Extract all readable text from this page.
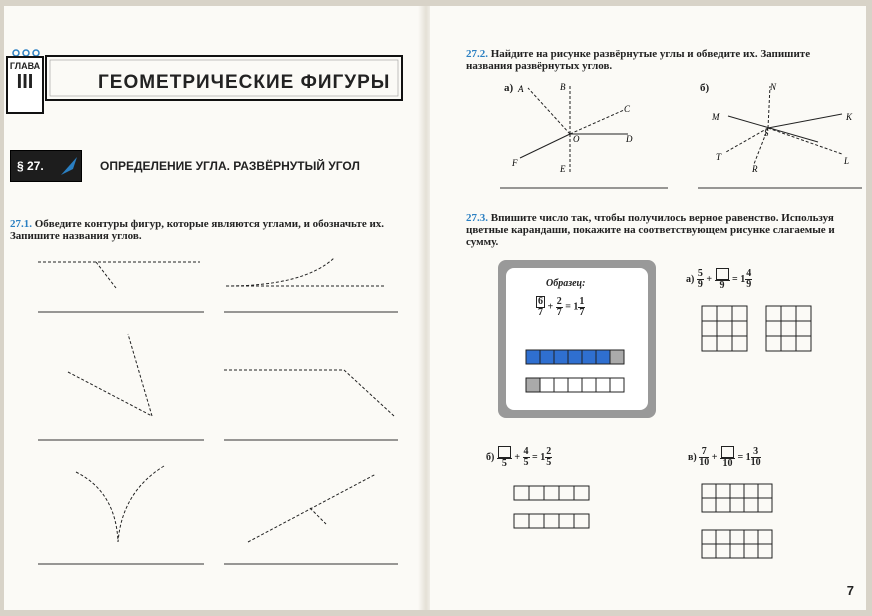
ГЛАВА
III	ГЕОМЕТРИЧЕСКИЕ ФИГУРЫ
§ 27.	ОПРЕДЕЛЕНИЕ УГЛА. РАЗВЁРНУТЫЙ УГОЛ
27.1. Обведите контуры фигур, которые являются углами, и обозначьте их. Запишите названия углов.
27.2. Найдите на рисунке развёрнутые углы и обведите их. Запишите названия развёрнутых углов.
а) A	B
C
O	D
F
E
б)	N
M	K
S
T
R
L
27.3. Впишите число так, чтобы получилось верное равенство. Используя цветные карандаши, покажите на соответствующем рисунке слагаемые и сумму.
Образец:
$\frac{6}{7} + \frac{2}{7} = 1 \frac{1}{7}$
$а) \frac{5}{9}$ +
9
= $1 \frac{4}{9}$
б)
5
+ $\frac{4}{5} = 1 \frac{2}{5}$	$в) \frac{7}{10}$ +
10
= $1 \frac{3}{10}$
7
